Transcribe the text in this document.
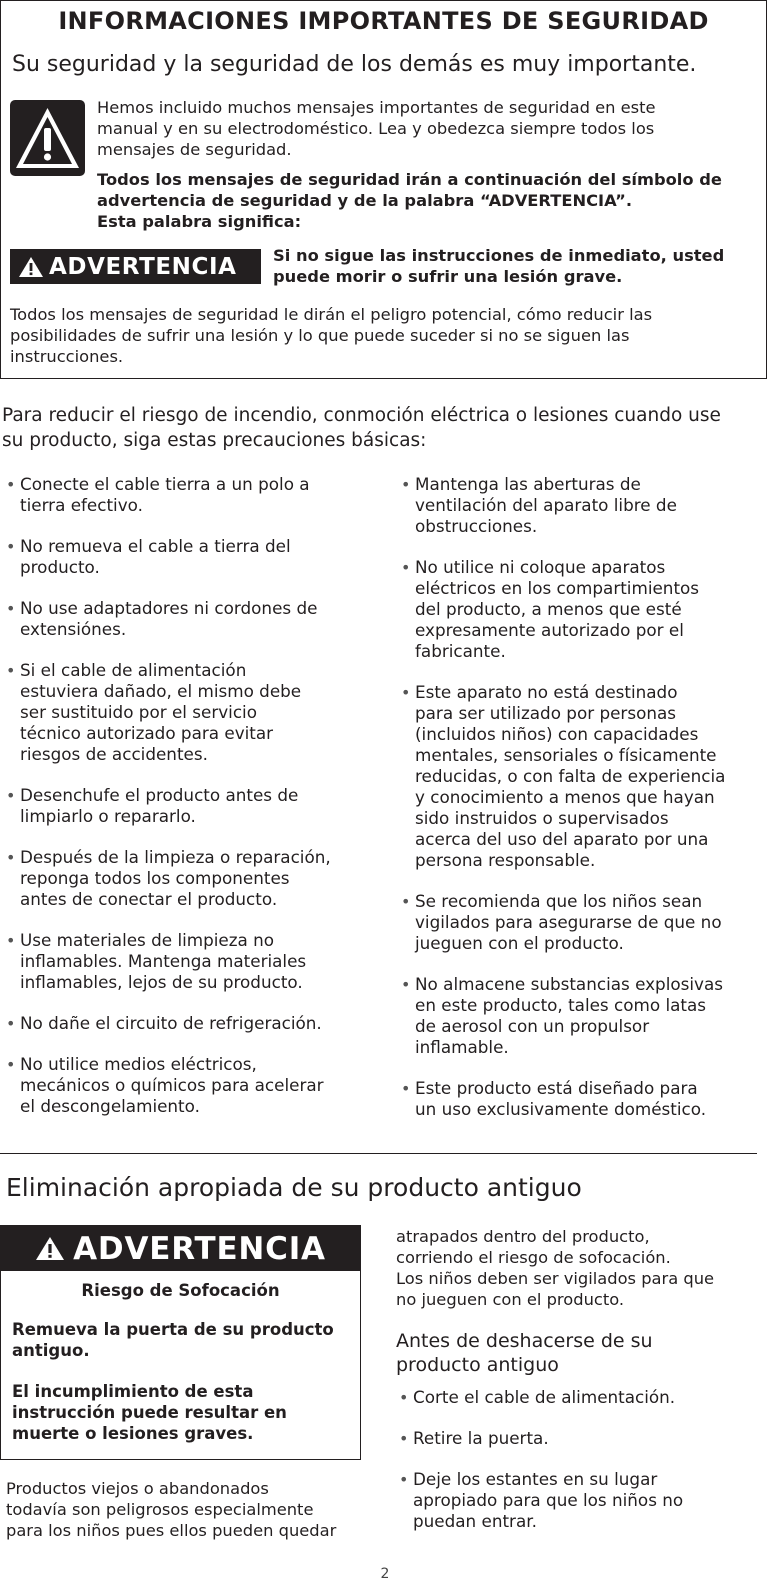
INFORMACIONES IMPORTANTES DE SEGURIDAD
Su seguridad y la seguridad de los demás es muy importante.

Hemos incluido muchos mensajes importantes de seguridad en este
manual y en su electrodoméstico. Lea y obedezca siempre todos los
mensajes de seguridad.

Todos los mensajes de seguridad irán a continuación del símbolo de
advertencia de seguridad y de la palabra “ADVERTENCIA”.
Esta palabra significa:

ADVERTENCIA Si no sigue las instrucciones de inmediato, usted
puede morir o sufrir una lesión grave.

Todos los mensajes de seguridad le dirán el peligro potencial, cómo reducir las
posibilidades de sufrir una lesión y lo que puede suceder si no se siguen las
instrucciones.

Para reducir el riesgo de incendio, conmoción eléctrica o lesiones cuando use
su producto, siga estas precauciones básicas:

• Conecte el cable tierra a un polo a
tierra efectivo.
• No remueva el cable a tierra del
producto.
• No use adaptadores ni cordones de
extensiónes.
• Si el cable de alimentación
estuviera dañado, el mismo debe
ser sustituido por el servicio
técnico autorizado para evitar
riesgos de accidentes.
• Desenchufe el producto antes de
limpiarlo o repararlo.
• Después de la limpieza o reparación,
reponga todos los componentes
antes de conectar el producto.
• Use materiales de limpieza no
inflamables. Mantenga materiales
inflamables, lejos de su producto.
• No dañe el circuito de refrigeración.
• No utilice medios eléctricos,
mecánicos o químicos para acelerar
el descongelamiento.
• Mantenga las aberturas de
ventilación del aparato libre de
obstrucciones.
• No utilice ni coloque aparatos
eléctricos en los compartimientos
del producto, a menos que esté
expresamente autorizado por el
fabricante.
• Este aparato no está destinado
para ser utilizado por personas
(incluidos niños) con capacidades
mentales, sensoriales o físicamente
reducidas, o con falta de experiencia
y conocimiento a menos que hayan
sido instruidos o supervisados
acerca del uso del aparato por una
persona responsable.
• Se recomienda que los niños sean
vigilados para asegurarse de que no
jueguen con el producto.
• No almacene substancias explosivas
en este producto, tales como latas
de aerosol con un propulsor
inflamable.
• Este producto está diseñado para
un uso exclusivamente doméstico.
Eliminación apropiada de su producto antiguo
ADVERTENCIA
Riesgo de Sofocación

Remueva la puerta de su producto
antiguo.

El incumplimiento de esta
instrucción puede resultar en
muerte o lesiones graves.

Productos viejos o abandonados
todavía son peligrosos especialmente
para los niños pues ellos pueden quedar

atrapados dentro del producto,
corriendo el riesgo de sofocación.
Los niños deben ser vigilados para que
no jueguen con el producto.

Antes de deshacerse de su
producto antiguo
• Corte el cable de alimentación.
• Retire la puerta.
• Deje los estantes en su lugar
apropiado para que los niños no
puedan entrar.
2
